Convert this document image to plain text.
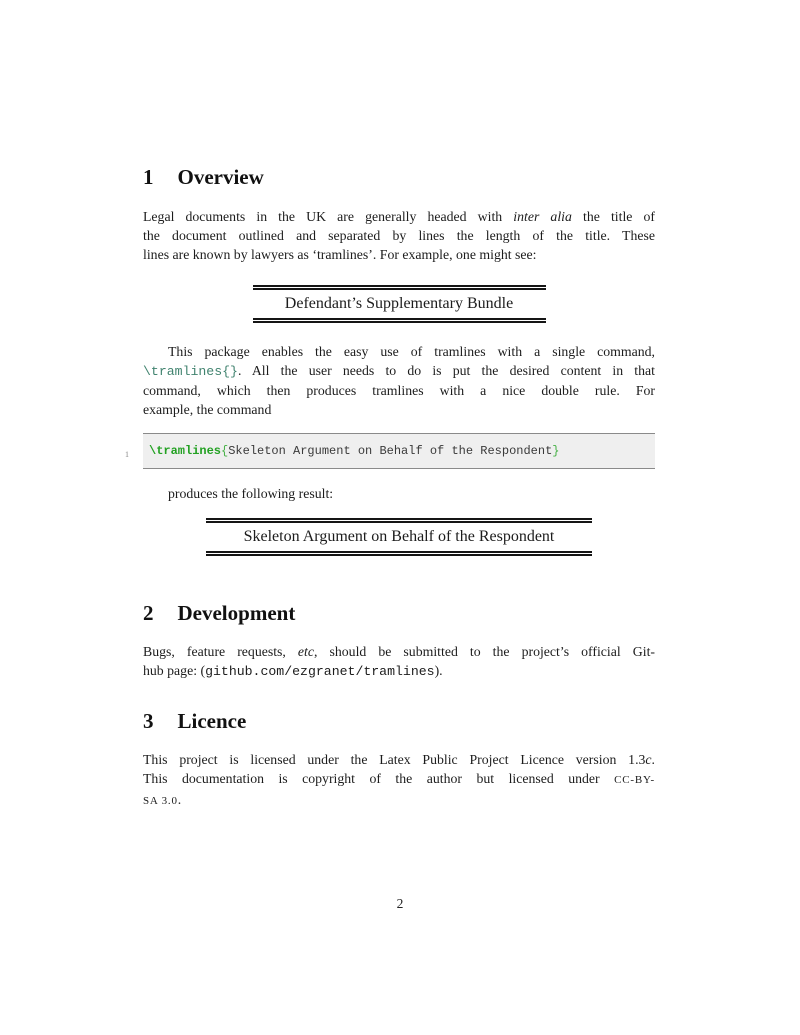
1 Overview
Legal documents in the UK are generally headed with inter alia the title of
the document outlined and separated by lines the length of the title. These
lines are known by lawyers as ‘tramlines’. For example, one might see:
Defendant’s Supplementary Bundle
This package enables the easy use of tramlines with a single command,
\tramlines{}. All the user needs to do is put the desired content in that
command, which then produces tramlines with a nice double rule. For
example, the command
1 \tramlines{Skeleton Argument on Behalf of the Respondent}
produces the following result:
Skeleton Argument on Behalf of the Respondent
2 Development
Bugs, feature requests, etc, should be submitted to the project’s official Git-
hub page: (github.com/ezgranet/tramlines).
3 Licence
This project is licensed under the Latex Public Project Licence version 1.3c.
This documentation is copyright of the author but licensed under CC-BY-
SA 3.0.
2
